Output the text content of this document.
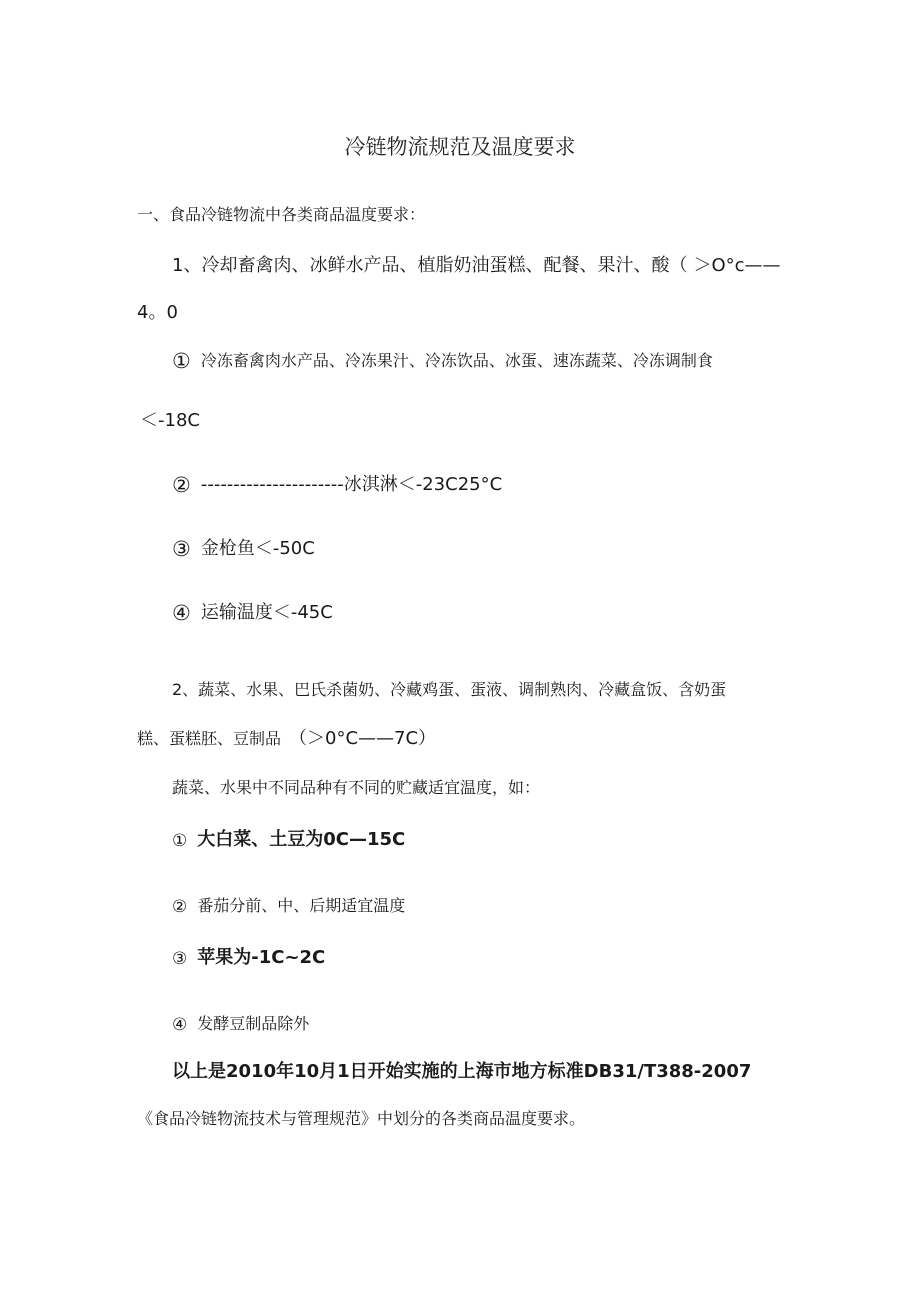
冷链物流规范及温度要求
一、食品冷链物流中各类商品温度要求：
1、冷却畜禽肉、冰鲜水产品、植脂奶油蛋糕、配餐、果汁、酸（ ＞O°c——
4。0
① 冷冻畜禽肉水产品、冷冻果汁、冷冻饮品、冰蛋、速冻蔬菜、冷冻调制食
＜-18C
② ----------------------冰淇淋＜-23C25°C
③ 金枪鱼＜-50C
④ 运输温度＜-45C
2、蔬菜、水果、巴氏杀菌奶、冷藏鸡蛋、蛋液、调制熟肉、冷藏盒饭、含奶蛋
糕、蛋糕胚、豆制品 （＞0°C——7C）
蔬菜、水果中不同品种有不同的贮藏适宜温度，如：
① 大白菜、土豆为0C—15C
② 番茄分前、中、后期适宜温度
③ 苹果为-1C~2C
④ 发酵豆制品除外
以上是2010年10月1日开始实施的上海市地方标准DB31/T388-2007
《食品冷链物流技术与管理规范》中划分的各类商品温度要求。
